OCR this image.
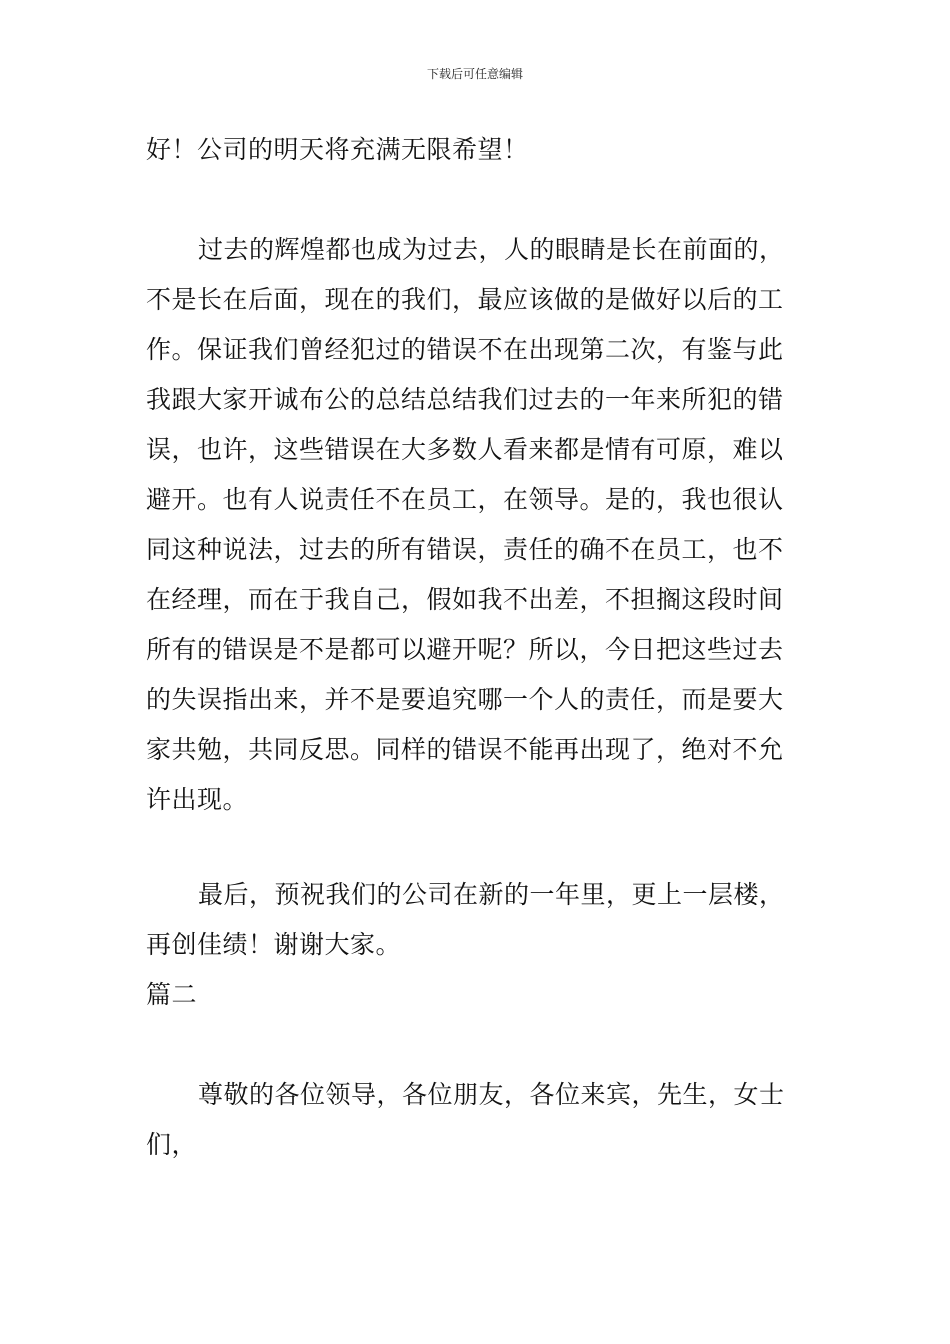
下载后可任意编辑
好！公司的明天将充满无限希望！
过去的辉煌都也成为过去，人的眼睛是长在前面的，
不是长在后面，现在的我们，最应该做的是做好以后的工
作。保证我们曾经犯过的错误不在出现第二次，有鉴与此
我跟大家开诚布公的总结总结我们过去的一年来所犯的错
误，也许，这些错误在大多数人看来都是情有可原，难以
避开。也有人说责任不在员工，在领导。是的，我也很认
同这种说法，过去的所有错误，责任的确不在员工，也不
在经理，而在于我自己，假如我不出差，不担搁这段时间
所有的错误是不是都可以避开呢？所以，今日把这些过去
的失误指出来，并不是要追究哪一个人的责任，而是要大
家共勉，共同反思。同样的错误不能再出现了，绝对不允
许出现。
最后，预祝我们的公司在新的一年里，更上一层楼，
再创佳绩！谢谢大家。
篇二
尊敬的各位领导，各位朋友，各位来宾，先生，女士
们，
